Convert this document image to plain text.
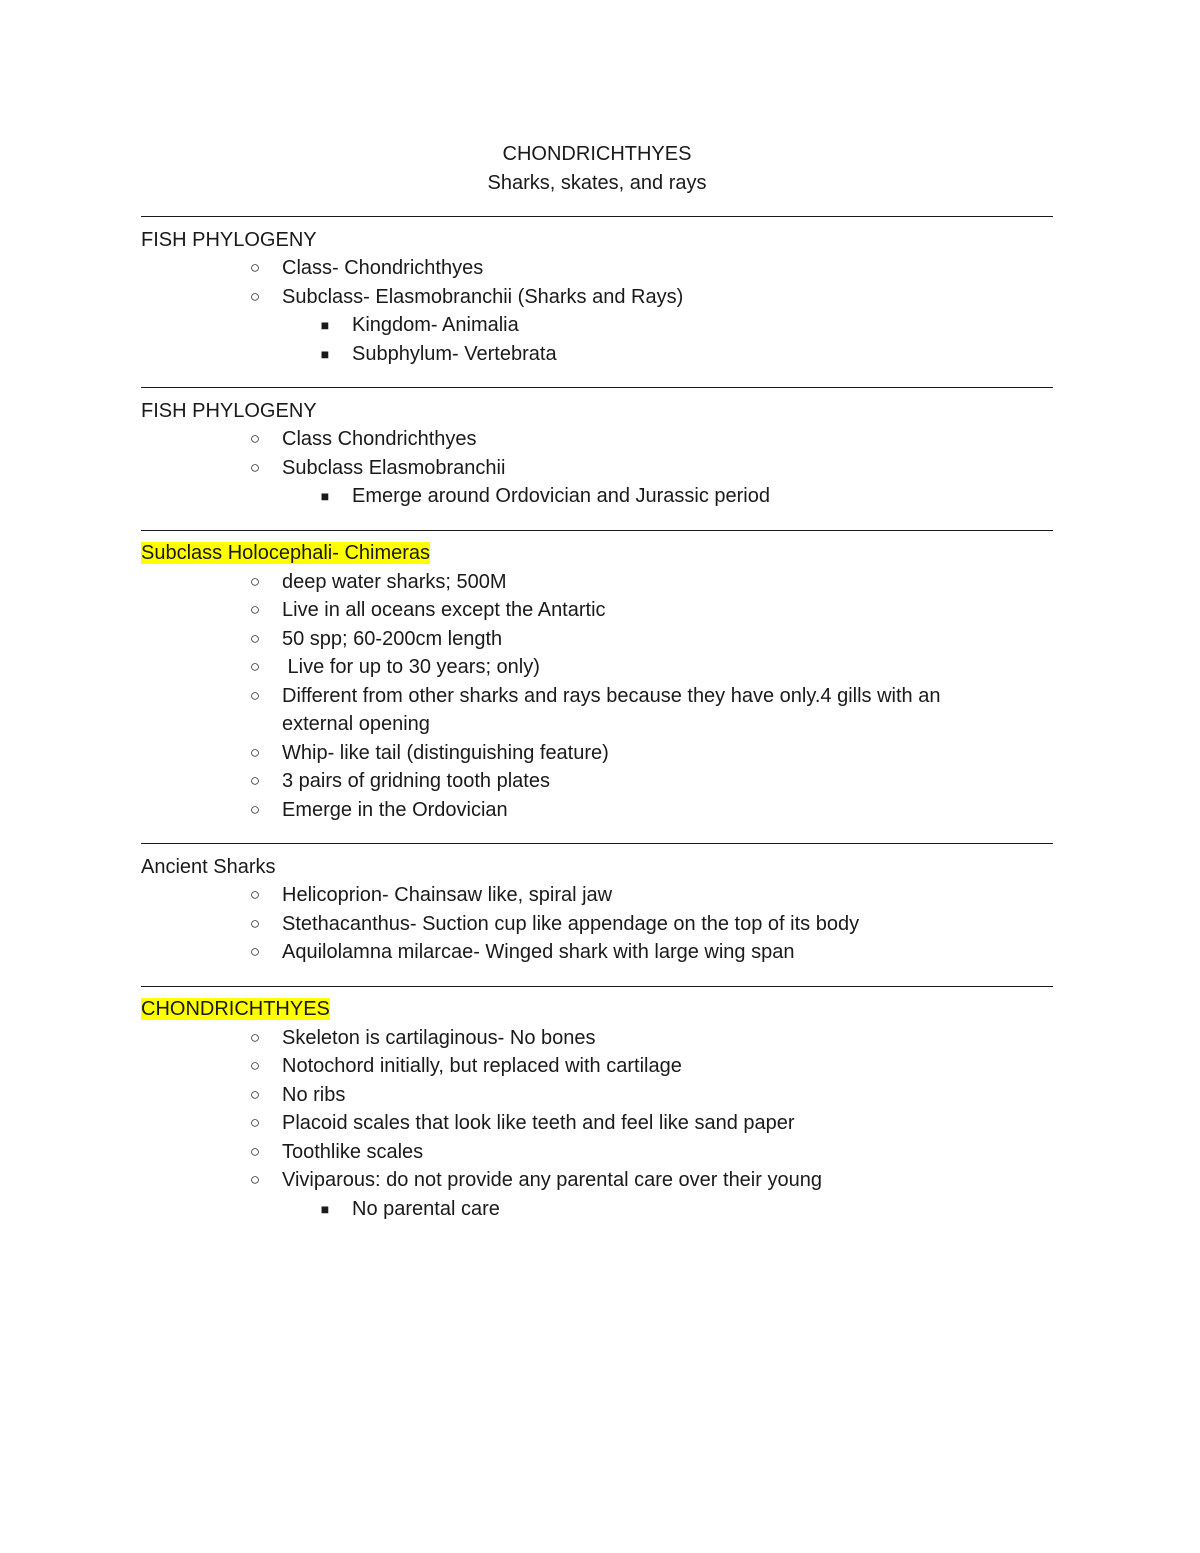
CHONDRICHTHYES
Sharks, skates, and rays
FISH PHYLOGENY
○	Class- Chondrichthyes
○	Subclass- Elasmobranchii (Sharks and Rays)
■	Kingdom- Animalia
■	Subphylum- Vertebrata
FISH PHYLOGENY
○	Class Chondrichthyes
○	Subclass Elasmobranchii
■	Emerge around Ordovician and Jurassic period
Subclass Holocephali- Chimeras
○	deep water sharks; 500M
○	Live in all oceans except the Antartic
○	50 spp; 60-200cm length
○	Live for up to 30 years; only)
○	Different from other sharks and rays because they have only.4 gills with an
external opening
○	Whip- like tail (distinguishing feature)
○	3 pairs of gridning tooth plates
○	Emerge in the Ordovician
Ancient Sharks
○	Helicoprion- Chainsaw like, spiral jaw
○	Stethacanthus- Suction cup like appendage on the top of its body
○	Aquilolamna milarcae- Winged shark with large wing span
CHONDRICHTHYES
○	Skeleton is cartilaginous- No bones
○	Notochord initially, but replaced with cartilage
○	No ribs
○	Placoid scales that look like teeth and feel like sand paper
○	Toothlike scales
○	Viviparous: do not provide any parental care over their young
■	No parental care
